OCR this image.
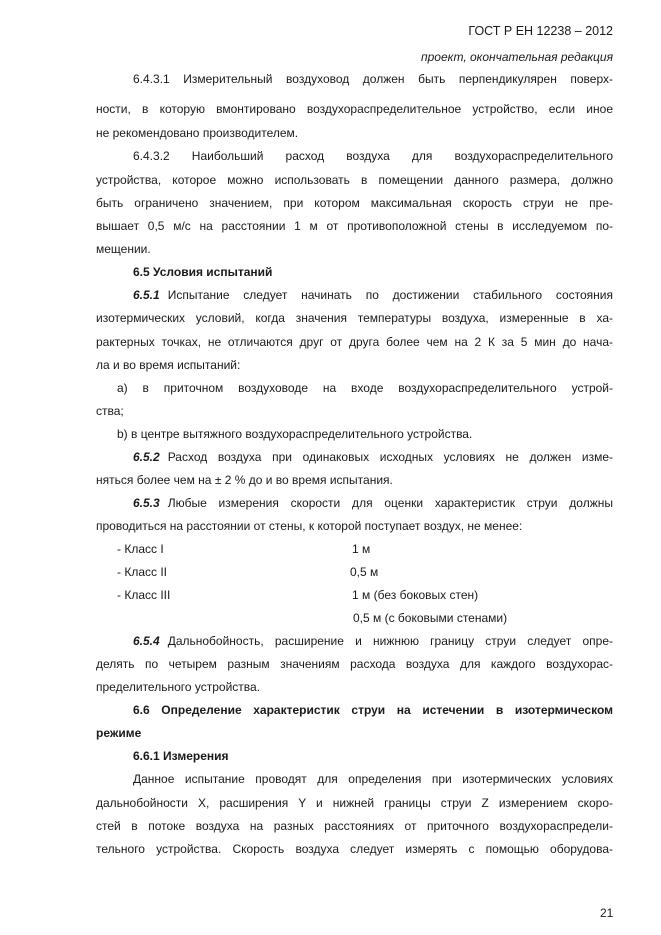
ГОСТ Р ЕН 12238 – 2012
проект, окончательная редакция
6.4.3.1 Измерительный воздуховод должен быть перпендикулярен поверх-
ности, в которую вмонтировано воздухораспределительное устройство, если иное
не рекомендовано производителем.
6.4.3.2 Наибольший расход воздуха для воздухораспределительного
устройства, которое можно использовать в помещении данного размера, должно
быть ограничено значением, при котором максимальная скорость струи не пре-
вышает 0,5 м/с на расстоянии 1 м от противоположной стены в исследуемом по-
мещении.
6.5 Условия испытаний
6.5.1 Испытание следует начинать по достижении стабильного состояния
изотермических условий, когда значения температуры воздуха, измеренные в ха-
рактерных точках, не отличаются друг от друга более чем на 2 К за 5 мин до нача-
ла и во время испытаний:
а) в приточном воздуховоде на входе воздухораспределительного устрой-
ства;
b) в центре вытяжного воздухораспределительного устройства.
6.5.2 Расход воздуха при одинаковых исходных условиях не должен изме-
няться более чем на ± 2 % до и во время испытания.
6.5.3 Любые измерения скорости для оценки характеристик струи должны
проводиться на расстоянии от стены, к которой поступает воздух, не менее:
- Класс I	1 м
- Класс II	0,5 м
- Класс III	1 м (без боковых стен)
0,5 м (с боковыми стенами)
6.5.4 Дальнобойность, расширение и нижнюю границу струи следует опре-
делять по четырем разным значениям расхода воздуха для каждого воздухорас-
пределительного устройства.
6.6 Определение характеристик струи на истечении в изотермическом
режиме
6.6.1 Измерения
Данное испытание проводят для определения при изотермических условиях
дальнобойности X, расширения Y и нижней границы струи Z измерением скоро-
стей в потоке воздуха на разных расстояниях от приточного воздухораспредели-
тельного устройства. Скорость воздуха следует измерять с помощью оборудова-
21
